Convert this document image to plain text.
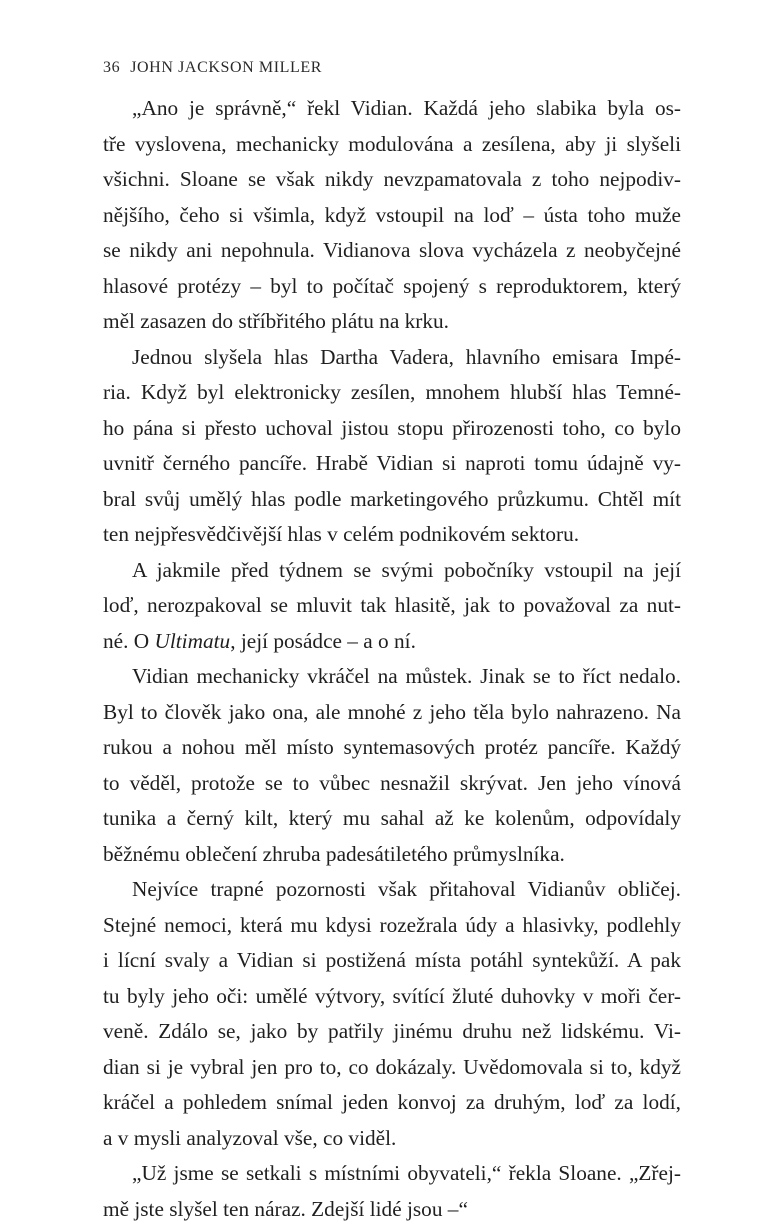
36 JOHN JACKSON MILLER
„Ano je správně,“ řekl Vidian. Každá jeho slabika byla os-
tře vyslovena, mechanicky modulována a zesílena, aby ji slyšeli
všichni. Sloane se však nikdy nevzpamatovala z toho nejpodiv-
nějšího, čeho si všimla, když vstoupil na loď – ústa toho muže
se nikdy ani nepohnula. Vidianova slova vycházela z neobyčejné
hlasové protézy – byl to počítač spojený s reproduktorem, který
měl zasazen do stříbřitého plátu na krku.
Jednou slyšela hlas Dartha Vadera, hlavního emisara Impé-
ria. Když byl elektronicky zesílen, mnohem hlubší hlas Temné-
ho pána si přesto uchoval jistou stopu přirozenosti toho, co bylo
uvnitř černého pancíře. Hrabě Vidian si naproti tomu údajně vy-
bral svůj umělý hlas podle marketingového průzkumu. Chtěl mít
ten nejpřesvědčivější hlas v celém podnikovém sektoru.
A jakmile před týdnem se svými pobočníky vstoupil na její
loď, nerozpakoval se mluvit tak hlasitě, jak to považoval za nut-
né. O Ultimatu, její posádce – a o ní.
Vidian mechanicky vkráčel na můstek. Jinak se to říct nedalo.
Byl to člověk jako ona, ale mnohé z jeho těla bylo nahrazeno. Na
rukou a nohou měl místo syntemasových protéz pancíře. Každý
to věděl, protože se to vůbec nesnažil skrývat. Jen jeho vínová
tunika a černý kilt, který mu sahal až ke kolenům, odpovídaly
běžnému oblečení zhruba padesátiletého průmyslníka.
Nejvíce trapné pozornosti však přitahoval Vidianův obličej.
Stejné nemoci, která mu kdysi rozežrala údy a hlasivky, podlehly
i lícní svaly a Vidian si postižená místa potáhl syntekůží. A pak
tu byly jeho oči: umělé výtvory, svítící žluté duhovky v moři čer-
veně. Zdálo se, jako by patřily jinému druhu než lidskému. Vi-
dian si je vybral jen pro to, co dokázaly. Uvědomovala si to, když
kráčel a pohledem snímal jeden konvoj za druhým, loď za lodí,
a v mysli analyzoval vše, co viděl.
„Už jsme se setkali s místními obyvateli,“ řekla Sloane. „Zřej-
mě jste slyšel ten náraz. Zdejší lidé jsou –“
